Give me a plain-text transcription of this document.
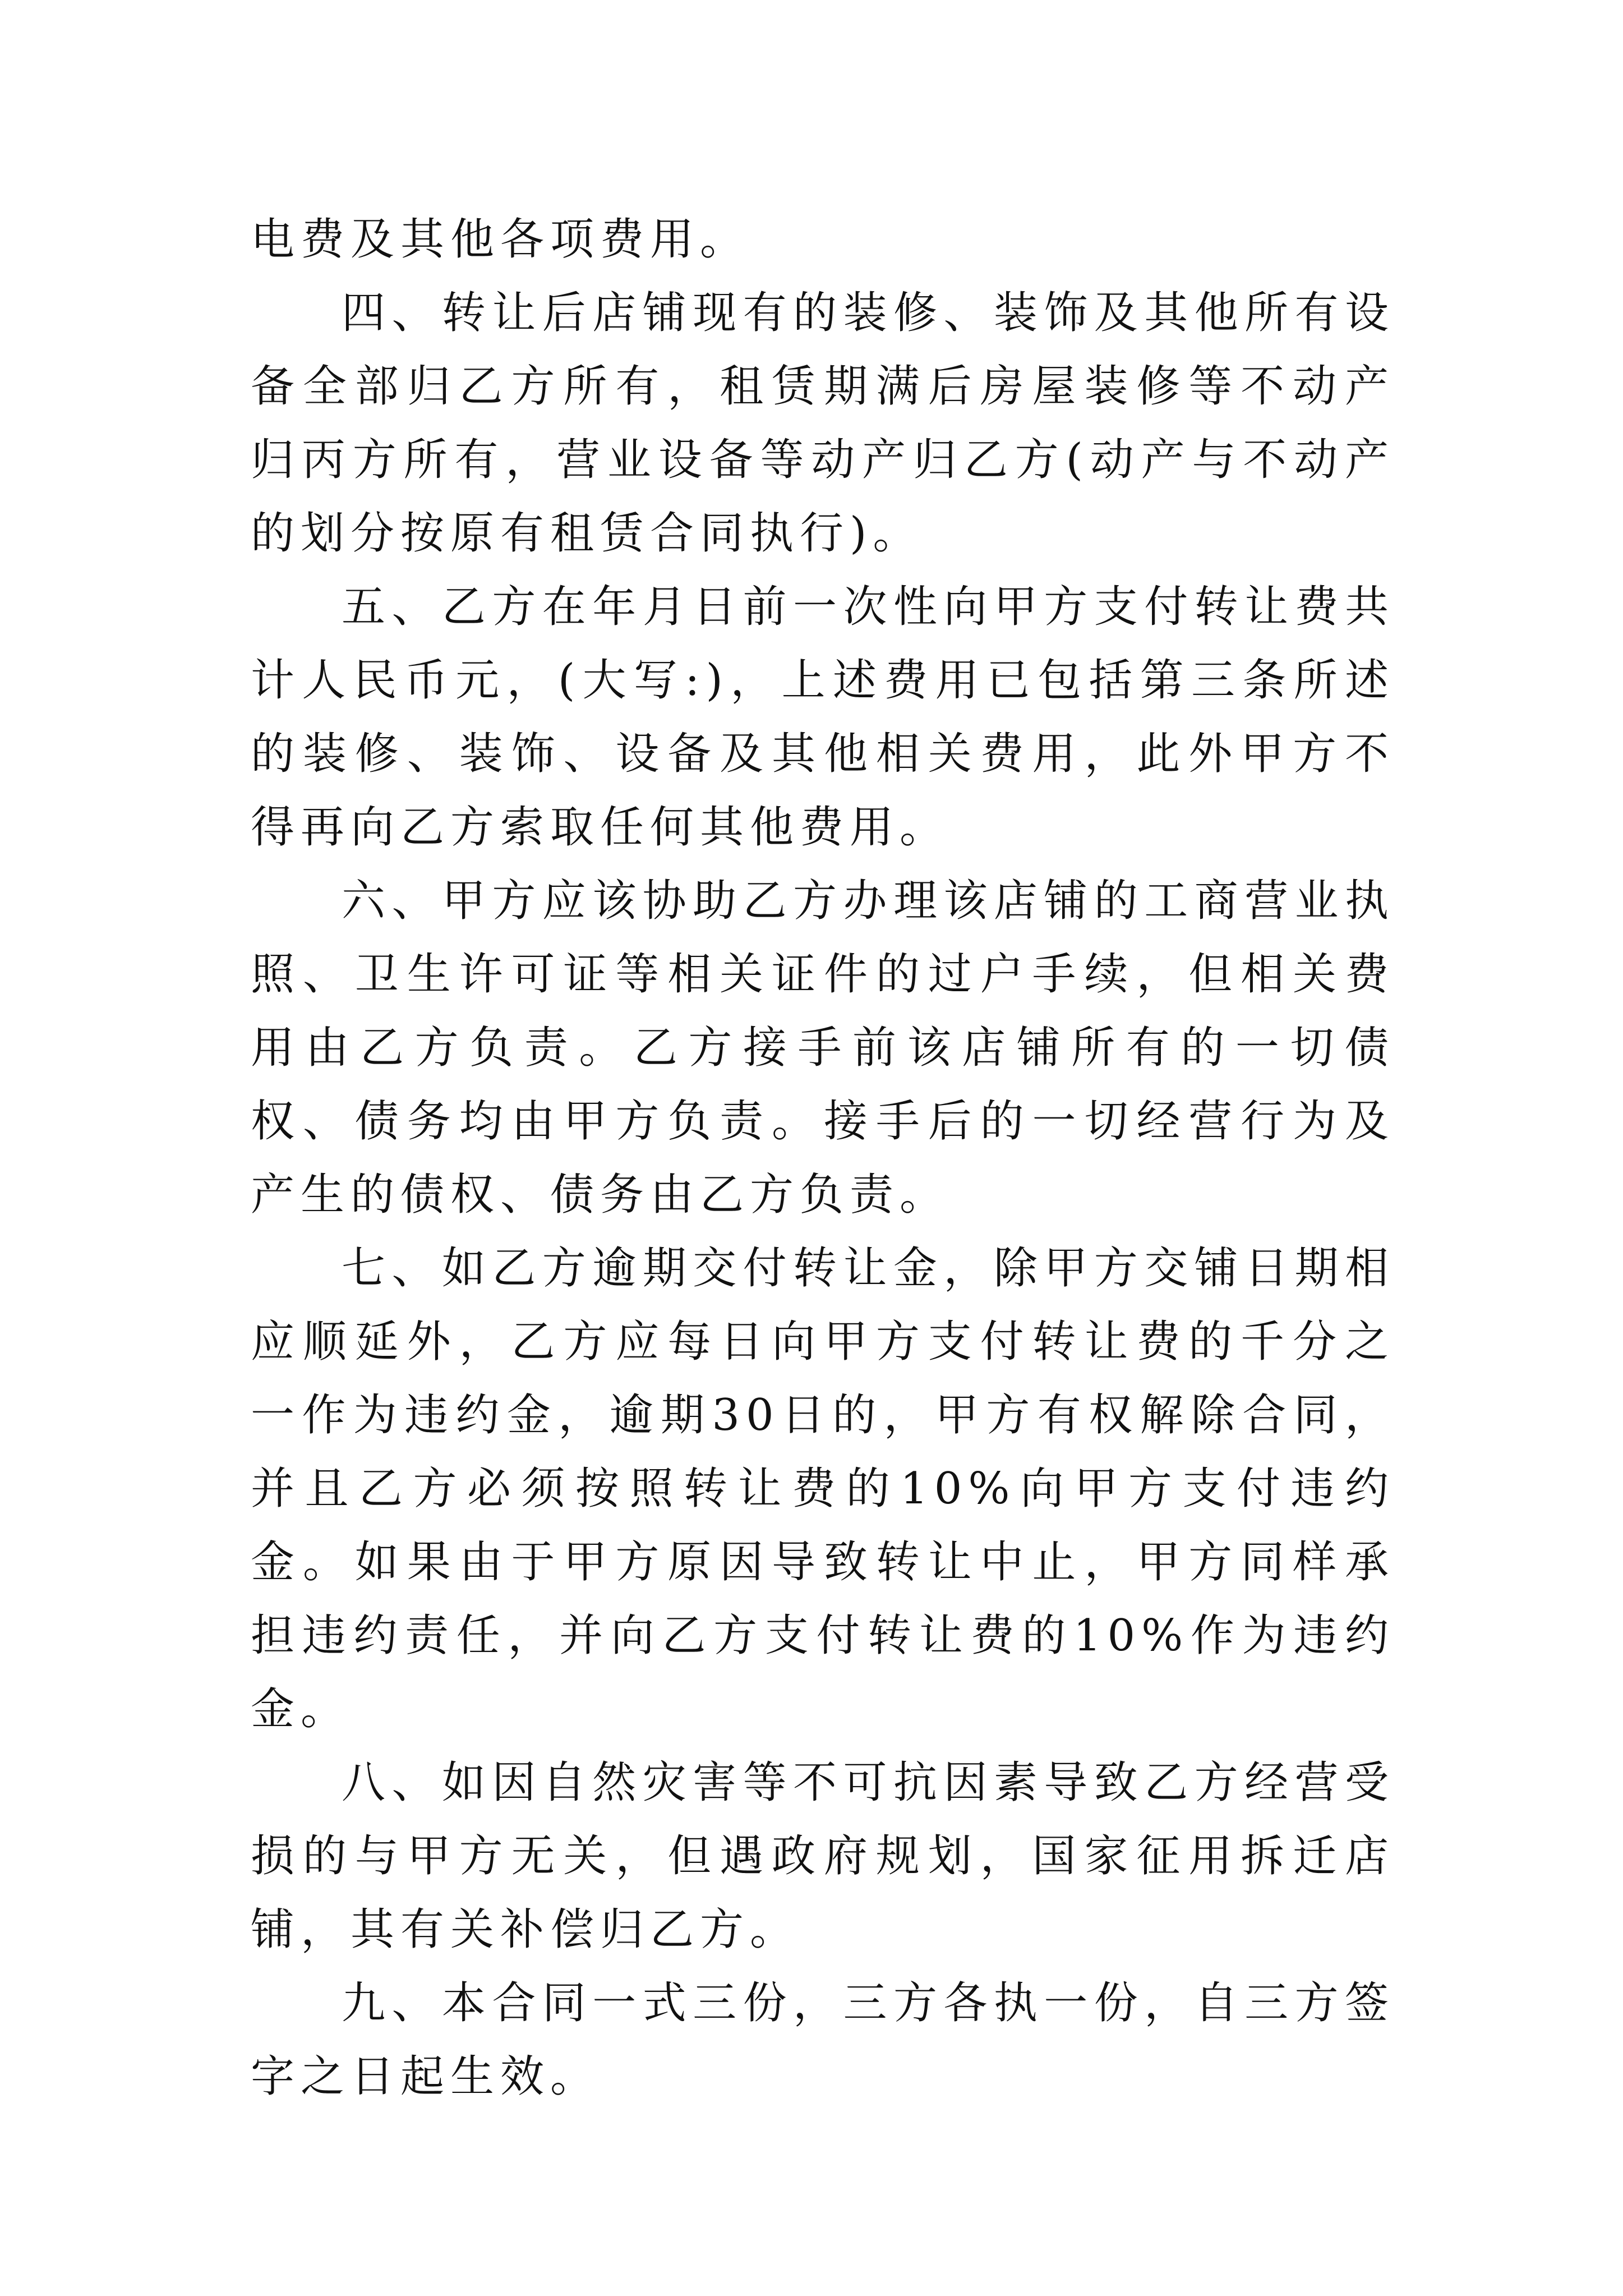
电费及其他各项费用。

四、转让后店铺现有的装修、装饰及其他所有设备全部归乙方所有，租赁期满后房屋装修等不动产归丙方所有，营业设备等动产归乙方(动产与不动产的划分按原有租赁合同执行)。

五、乙方在年月日前一次性向甲方支付转让费共计人民币元，(大写:)，上述费用已包括第三条所述的装修、装饰、设备及其他相关费用，此外甲方不得再向乙方索取任何其他费用。

六、甲方应该协助乙方办理该店铺的工商营业执照、卫生许可证等相关证件的过户手续，但相关费用由乙方负责。乙方接手前该店铺所有的一切债权、债务均由甲方负责。接手后的一切经营行为及产生的债权、债务由乙方负责。

七、如乙方逾期交付转让金，除甲方交铺日期相应顺延外，乙方应每日向甲方支付转让费的千分之一作为违约金，逾期30日的，甲方有权解除合同，并且乙方必须按照转让费的10%向甲方支付违约金。如果由于甲方原因导致转让中止，甲方同样承担违约责任，并向乙方支付转让费的10%作为违约金。

八、如因自然灾害等不可抗因素导致乙方经营受损的与甲方无关，但遇政府规划，国家征用拆迁店铺，其有关补偿归乙方。

九、本合同一式三份，三方各执一份，自三方签字之日起生效。
